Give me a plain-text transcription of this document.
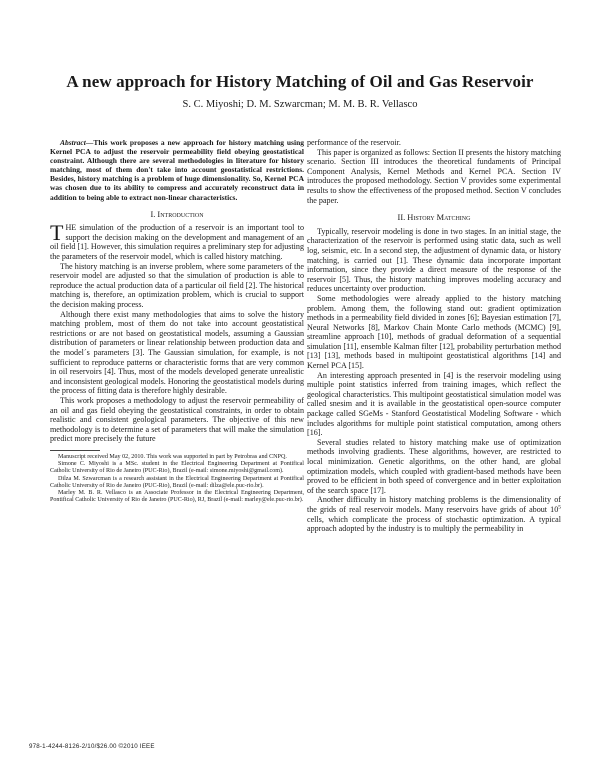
A new approach for History Matching of Oil and Gas Reservoir
S. C. Miyoshi; D. M. Szwarcman; M. M. B. R. Vellasco

Abstract—This work proposes a new approach for history matching using Kernel PCA to adjust the reservoir permeability field obeying geostatistical constraint. Although there are several methodologies in literature for history matching, most of them don't take into account geostatistical restrictions. Besides, history matching is a problem of huge dimensionality. So, Kernel PCA was chosen due to its ability to compress and accurately reconstruct data in addition to being able to extract non-linear characteristics.

I. Introduction

THE simulation of the production of a reservoir is an important tool to support the decision making on the development and management of an oil field [1]. However, this simulation requires a preliminary step for adjusting the parameters of the reservoir model, which is called history matching.

The history matching is an inverse problem, where some parameters of the reservoir model are adjusted so that the simulation of production is able to reproduce the actual production data of a particular oil field [2]. The historical matching is, therefore, an optimization problem, which is crucial to support the decision making process.

Although there exist many methodologies that aims to solve the history matching problem, most of them do not take into account geostatistical restrictions or are not based on geostatistical models, assuming a Gaussian distribution of parameters or linear relationship between production data and the model´s parameters [3]. The Gaussian simulation, for example, is not sufficient to reproduce patterns or characteristic forms that are very common in oil reservoirs [4]. Thus, most of the models developed generate unrealistic and inconsistent geological models. Honoring the geostatistical models during the process of fitting data is therefore highly desirable.

This work proposes a methodology to adjust the reservoir permeability of an oil and gas field obeying the geostatistical constraints, in order to obtain realistic and consistent geological parameters. The objective of this new methodology is to determine a set of parameters that will make the simulation predict more precisely the future

Manuscript received May 02, 2010. This work was supported in part by Petrobras and CNPQ.

Simone C. Miyoshi is a MSc. student in the Electrical Engineering Department at Pontifical Catholic University of Rio de Janeiro (PUC-Rio), Brazil (e-mail: simone.miyoshi@gmail.com).

Dilza M. Szwarcman is a research assistant in the Electrical Engineering Department at Pontifical Catholic University of Rio de Janeiro (PUC-Rio), Brazil (e-mail: dilza@ele.puc-rio.br).

Marley M. B. R. Vellasco is an Associate Professor in the Electrical Engineering Department, Pontifical Catholic University of Rio de Janeiro (PUC-Rio), RJ, Brazil (e-mail: marley@ele.puc-rio.br).

performance of the reservoir.

This paper is organized as follows: Section II presents the history matching scenario. Section III introduces the theoretical fundaments of Principal Component Analysis, Kernel Methods and Kernel PCA. Section IV introduces the proposed methodology. Section V provides some experimental results to show the effectiveness of the proposed method. Section V concludes the paper.

II. History Matching

Typically, reservoir modeling is done in two stages. In an initial stage, the characterization of the reservoir is performed using static data, such as well log, seismic, etc. In a second step, the adjustment of dynamic data, or history matching, is carried out [1]. These dynamic data incorporate important information, since they provide a direct measure of the response of the reservoir [5]. Thus, the history matching improves modeling accuracy and reduces uncertainty over production.

Some methodologies were already applied to the history matching problem. Among them, the following stand out: gradient optimization methods in a permeability field divided in zones [6]; Bayesian estimation [7], Neural Networks [8], Markov Chain Monte Carlo methods (MCMC) [9], streamline approach [10], methods of gradual deformation of a sequential simulation [11], ensemble Kalman filter [12], probability perturbation method [13] [13], methods based in multipoint geostatistical algorithms [14] and Kernel PCA [15].

An interesting approach presented in [4] is the reservoir modeling using multiple point statistics inferred from training images, which reflect the geological characteristics. This multipoint geostatistical simulation model was called snesim and it is available in the geostatistical open-source computer package called SGeMs - Stanford Geostatistical Modeling Software - which includes algorithms for multiple point statistical computation, among others [16].

Several studies related to history matching make use of optimization methods involving gradients. These algorithms, however, are restricted to local minimization. Genetic algorithms, on the other hand, are global optimization models, which coupled with gradient-based methods have been proved to be efficient in both speed of convergence and in better exploitation of the search space [17].

Another difficulty in history matching problems is the dimensionality of the grids of real reservoir models. Many reservoirs have grids of about $10^5$ cells, which complicate the process of stochastic optimization. A typical approach adopted by the industry is to multiply the permeability in

978-1-4244-8126-2/10/$26.00 ©2010 IEEE
